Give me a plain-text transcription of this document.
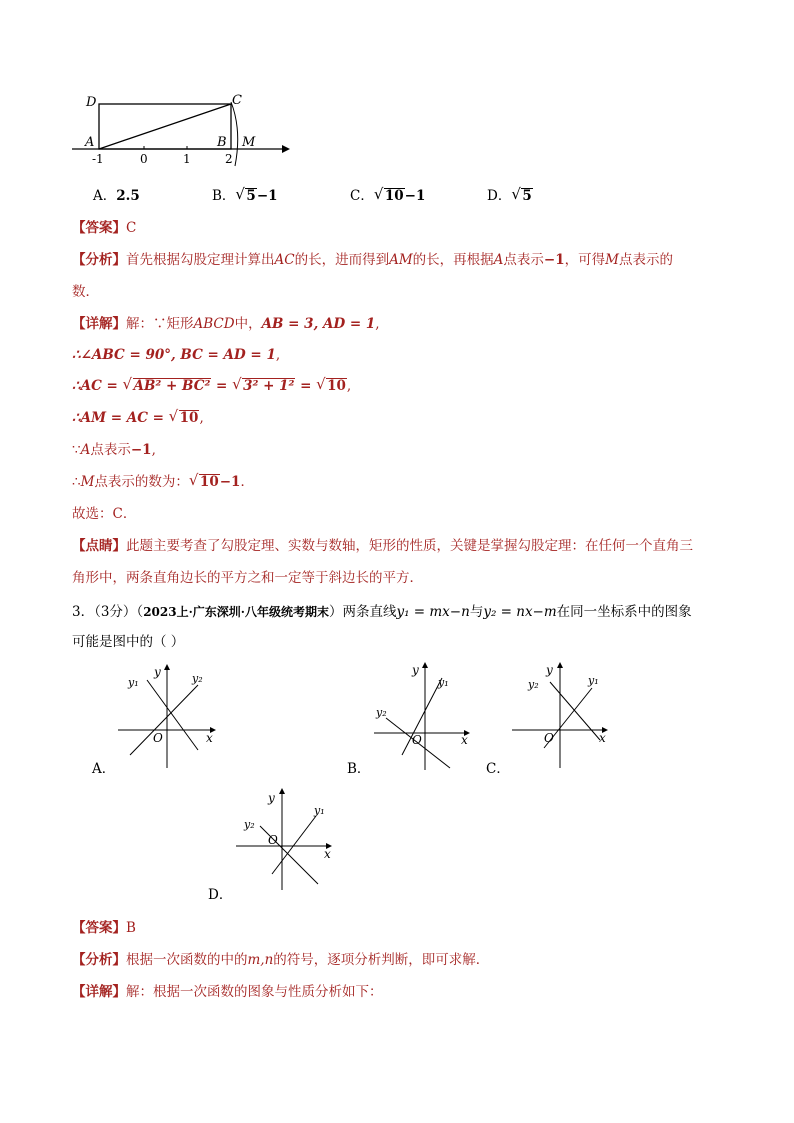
D	C
A	B M
-1	0	1	2
A．2.5	B． √ 5−1	C． √ 10−1	D． √ 5
【答案】C
【分析】首先根据勾股定理计算出AC的长，进而得到AM的长，再根据A点表示−1，可得M点表示的
数．
【详解】解：∵矩形ABCD中，AB = 3, AD = 1,
∴∠ABC = 90°, BC = AD = 1,
∴AC = √ AB² + BC² = √ 3² + 1² = √ 10,
∴AM = AC = √ 10,
∵A点表示−1,
∴M点表示的数为： √ 10−1．
故选：C．
【点睛】此题主要考查了勾股定理、实数与数轴，矩形的性质，关键是掌握勾股定理：在任何一个直角三
角形中，两条直角边长的平方之和一定等于斜边长的平方．
3．（3分）（2023上·广东深圳·八年级统考期末）两条直线y₁ = mx−n与y₂ = nx−m在同一坐标系中的图象
可能是图中的（ ）
y
x
O
y₁	y₂
A．
y
x
O
y₁
y₂
B．
y
x
O
y₁
y₂
C．
y
x
O
y₁
y₂
D．
【答案】B
【分析】根据一次函数的中的m,n的符号，逐项分析判断，即可求解．
【详解】解：根据一次函数的图象与性质分析如下：
